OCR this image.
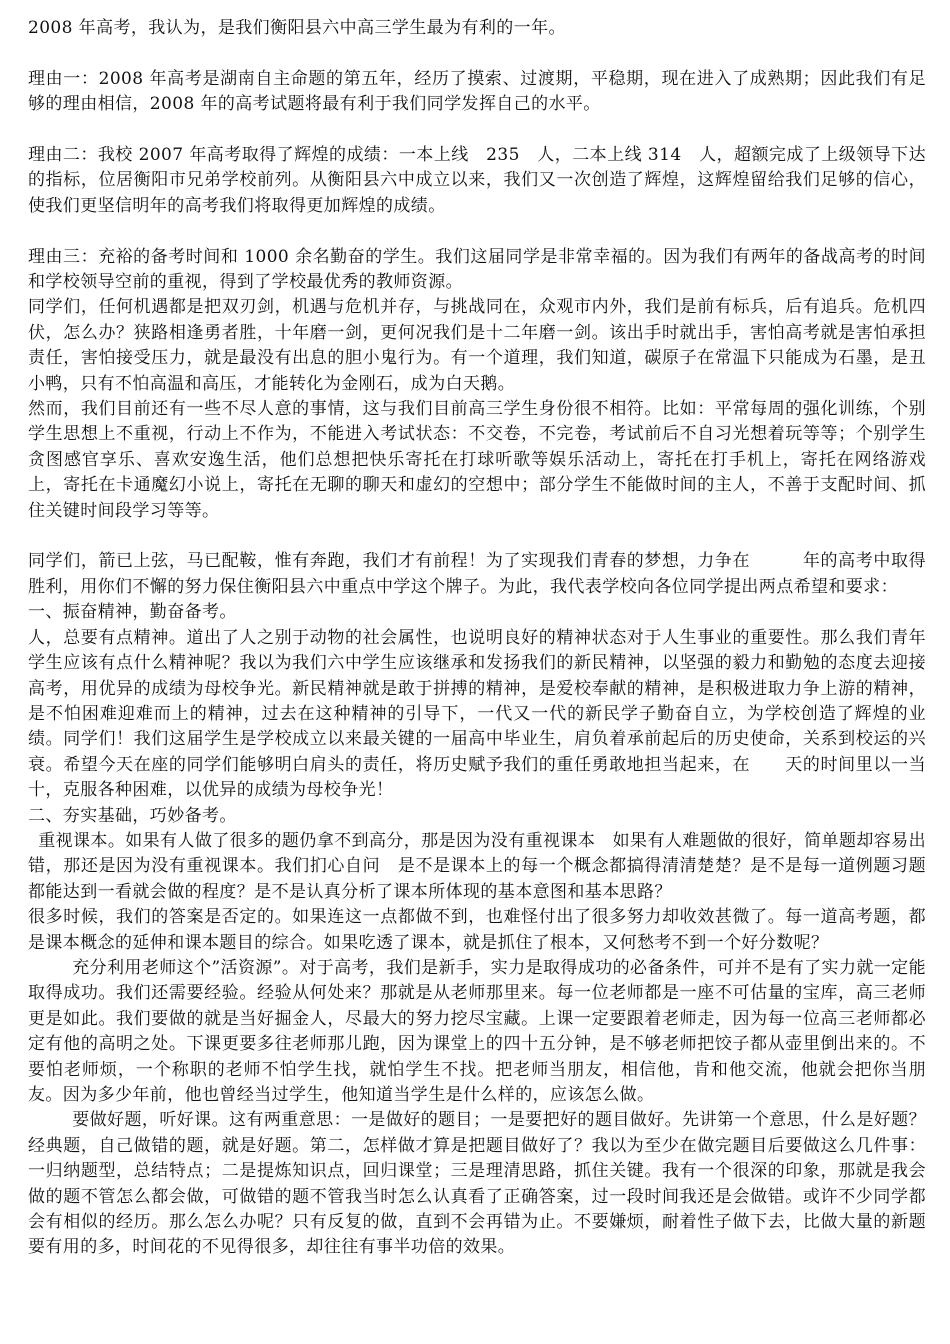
2008 年高考，我认为，是我们衡阳县六中高三学生最为有利的一年。

理由一：2008 年高考是湖南自主命题的第五年，经历了摸索、过渡期，平稳期，现在进入了成熟期；因此我们有足够的理由相信，2008 年的高考试题将最有利于我们同学发挥自己的水平。

理由二：我校 2007 年高考取得了辉煌的成绩：一本上线　235　人，二本上线 314　人，超额完成了上级领导下达的指标，位居衡阳市兄弟学校前列。从衡阳县六中成立以来，我们又一次创造了辉煌，这辉煌留给我们足够的信心，使我们更坚信明年的高考我们将取得更加辉煌的成绩。

理由三：充裕的备考时间和 1000 余名勤奋的学生。我们这届同学是非常幸福的。因为我们有两年的备战高考的时间和学校领导空前的重视，得到了学校最优秀的教师资源。

同学们，任何机遇都是把双刃剑，机遇与危机并存，与挑战同在，众观市内外，我们是前有标兵，后有追兵。危机四伏，怎么办？狭路相逢勇者胜，十年磨一剑，更何况我们是十二年磨一剑。该出手时就出手，害怕高考就是害怕承担责任，害怕接受压力，就是最没有出息的胆小鬼行为。有一个道理，我们知道，碳原子在常温下只能成为石墨，是丑小鸭，只有不怕高温和高压，才能转化为金刚石，成为白天鹅。

然而，我们目前还有一些不尽人意的事情，这与我们目前高三学生身份很不相符。比如：平常每周的强化训练，个别学生思想上不重视，行动上不作为，不能进入考试状态：不交卷，不完卷，考试前后不自习光想着玩等等；个别学生贪图感官享乐、喜欢安逸生活，他们总想把快乐寄托在打球听歌等娱乐活动上，寄托在打手机上，寄托在网络游戏上，寄托在卡通魔幻小说上，寄托在无聊的聊天和虚幻的空想中；部分学生不能做时间的主人，不善于支配时间、抓住关键时间段学习等等。

同学们，箭已上弦，马已配鞍，惟有奔跑，我们才有前程！为了实现我们青春的梦想，力争在　　　年的高考中取得胜利，用你们不懈的努力保住衡阳县六中重点中学这个牌子。为此，我代表学校向各位同学提出两点希望和要求：

一、振奋精神，勤奋备考。

人，总要有点精神。道出了人之别于动物的社会属性，也说明良好的精神状态对于人生事业的重要性。那么我们青年学生应该有点什么精神呢？我以为我们六中学生应该继承和发扬我们的新民精神，以坚强的毅力和勤勉的态度去迎接高考，用优异的成绩为母校争光。新民精神就是敢于拼搏的精神，是爱校奉献的精神，是积极进取力争上游的精神，是不怕困难迎难而上的精神，过去在这种精神的引导下，一代又一代的新民学子勤奋自立，为学校创造了辉煌的业绩。同学们！我们这届学生是学校成立以来最关键的一届高中毕业生，肩负着承前起后的历史使命，关系到校运的兴衰。希望今天在座的同学们能够明白肩头的责任，将历史赋予我们的重任勇敢地担当起来，在　　天的时间里以一当十，克服各种困难，以优异的成绩为母校争光！

二、夯实基础，巧妙备考。

重视课本。如果有人做了很多的题仍拿不到高分，那是因为没有重视课本　如果有人难题做的很好，简单题却容易出错，那还是因为没有重视课本。我们扪心自问　是不是课本上的每一个概念都搞得清清楚楚？是不是每一道例题习题都能达到一看就会做的程度？是不是认真分析了课本所体现的基本意图和基本思路？

很多时候，我们的答案是否定的。如果连这一点都做不到，也难怪付出了很多努力却收效甚微了。每一道高考题，都是课本概念的延伸和课本题目的综合。如果吃透了课本，就是抓住了根本，又何愁考不到一个好分数呢？

充分利用老师这个”活资源”。对于高考，我们是新手，实力是取得成功的必备条件，可并不是有了实力就一定能取得成功。我们还需要经验。经验从何处来？那就是从老师那里来。每一位老师都是一座不可估量的宝库，高三老师更是如此。我们要做的就是当好掘金人，尽最大的努力挖尽宝藏。上课一定要跟着老师走，因为每一位高三老师都必定有他的高明之处。下课更要多往老师那儿跑，因为课堂上的四十五分钟，是不够老师把饺子都从壶里倒出来的。不要怕老师烦，一个称职的老师不怕学生找，就怕学生不找。把老师当朋友，相信他，肯和他交流，他就会把你当朋友。因为多少年前，他也曾经当过学生，他知道当学生是什么样的，应该怎么做。

要做好题，听好课。这有两重意思：一是做好的题目；一是要把好的题目做好。先讲第一个意思，什么是好题？经典题，自己做错的题，就是好题。第二，怎样做才算是把题目做好了？我以为至少在做完题目后要做这么几件事：一归纳题型，总结特点；二是提炼知识点，回归课堂；三是理清思路，抓住关键。我有一个很深的印象，那就是我会做的题不管怎么都会做，可做错的题不管我当时怎么认真看了正确答案，过一段时间我还是会做错。或许不少同学都会有相似的经历。那么怎么办呢？只有反复的做，直到不会再错为止。不要嫌烦，耐着性子做下去，比做大量的新题要有用的多，时间花的不见得很多，却往往有事半功倍的效果。
